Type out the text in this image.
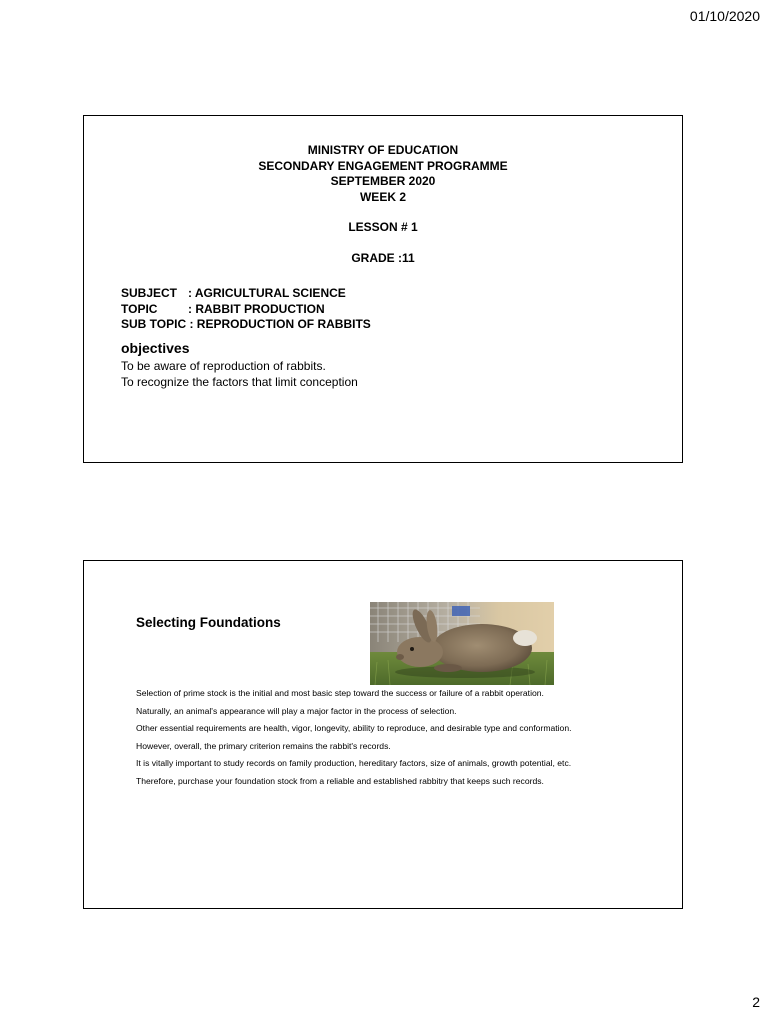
01/10/2020
MINISTRY OF EDUCATION
SECONDARY ENGAGEMENT PROGRAMME
SEPTEMBER 2020
WEEK 2
LESSON # 1
GRADE :11
SUBJECT : AGRICULTURAL SCIENCE
TOPIC	: RABBIT PRODUCTION
SUB TOPIC
: REPRODUCTION OF RABBITS
objectives
To be aware of reproduction of rabbits.
To recognize the factors that limit conception
Selecting Foundations

Selection of prime stock is the initial and most basic step toward the success or failure of a rabbit operation.

Naturally, an animal's appearance will play a major factor in the process of selection.

Other essential requirements are health, vigor, longevity, ability to reproduce, and desirable type and conformation.

However, overall, the primary criterion remains the rabbit's records.

It is vitally important to study records on family production, hereditary factors, size of animals, growth potential, etc.

Therefore, purchase your foundation stock from a reliable and established rabbitry that keeps such records.

2
